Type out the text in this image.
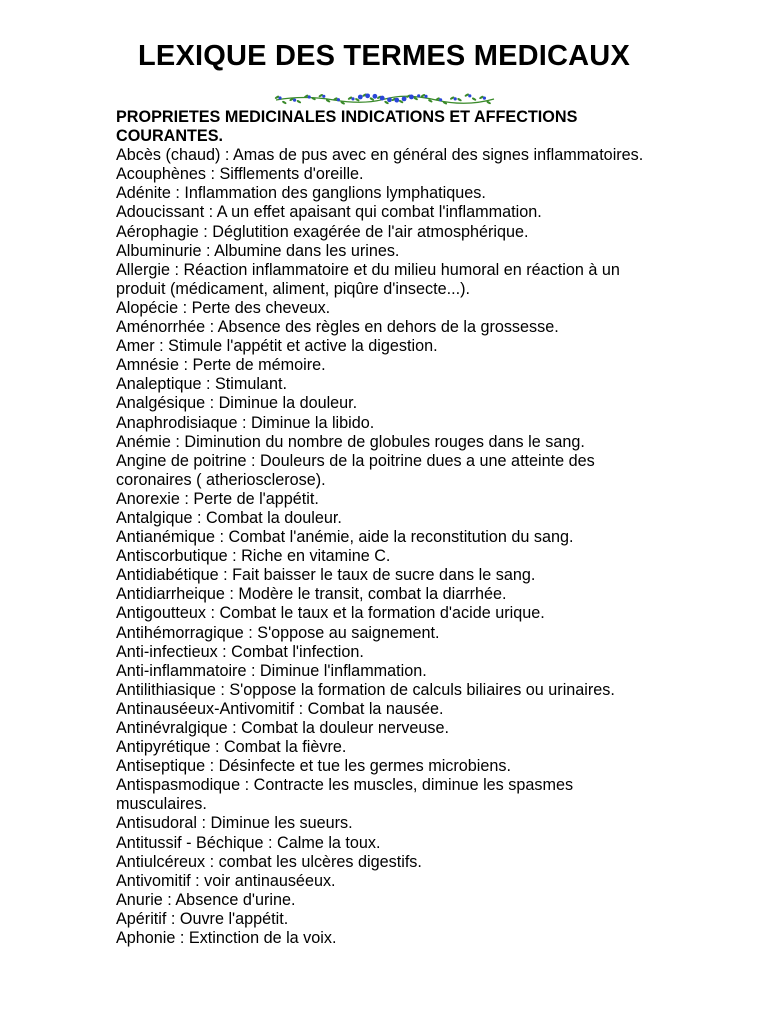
LEXIQUE DES TERMES MEDICAUX

PROPRIETES MEDICINALES INDICATIONS ET AFFECTIONS COURANTES.

Abcès (chaud) : Amas de pus avec en général des signes inflammatoires.

Acouphènes : Sifflements d'oreille.

Adénite : Inflammation des ganglions lymphatiques.

Adoucissant : A un effet apaisant qui combat l'inflammation.

Aérophagie : Déglutition exagérée de l'air atmosphérique.

Albuminurie : Albumine dans les urines.

Allergie : Réaction inflammatoire et du milieu humoral en réaction à un produit (médicament, aliment, piqûre d'insecte...).

Alopécie : Perte des cheveux.

Aménorrhée : Absence des règles en dehors de la grossesse.

Amer : Stimule l'appétit et active la digestion.

Amnésie : Perte de mémoire.

Analeptique : Stimulant.

Analgésique : Diminue la douleur.

Anaphrodisiaque : Diminue la libido.

Anémie : Diminution du nombre de globules rouges dans le sang.

Angine de poitrine : Douleurs de la poitrine dues a une atteinte des coronaires ( atheriosclerose).

Anorexie : Perte de l'appétit.

Antalgique : Combat la douleur.

Antianémique : Combat l'anémie, aide la reconstitution du sang.

Antiscorbutique : Riche en vitamine C.

Antidiabétique : Fait baisser le taux de sucre dans le sang.

Antidiarrheique : Modère le transit, combat la diarrhée.

Antigoutteux : Combat le taux et la formation d'acide urique.

Antihémorragique : S'oppose au saignement.

Anti-infectieux : Combat l'infection.

Anti-inflammatoire : Diminue l'inflammation.

Antilithiasique : S'oppose la formation de calculs biliaires ou urinaires.

Antinauséeux-Antivomitif : Combat la nausée.

Antinévralgique : Combat la douleur nerveuse.

Antipyrétique : Combat la fièvre.

Antiseptique : Désinfecte et tue les germes microbiens.

Antispasmodique : Contracte les muscles, diminue les spasmes musculaires.

Antisudoral : Diminue les sueurs.

Antitussif - Béchique : Calme la toux.

Antiulcéreux : combat les ulcères digestifs.

Antivomitif : voir antinauséeux.

Anurie : Absence d'urine.

Apéritif : Ouvre l'appétit.

Aphonie : Extinction de la voix.
